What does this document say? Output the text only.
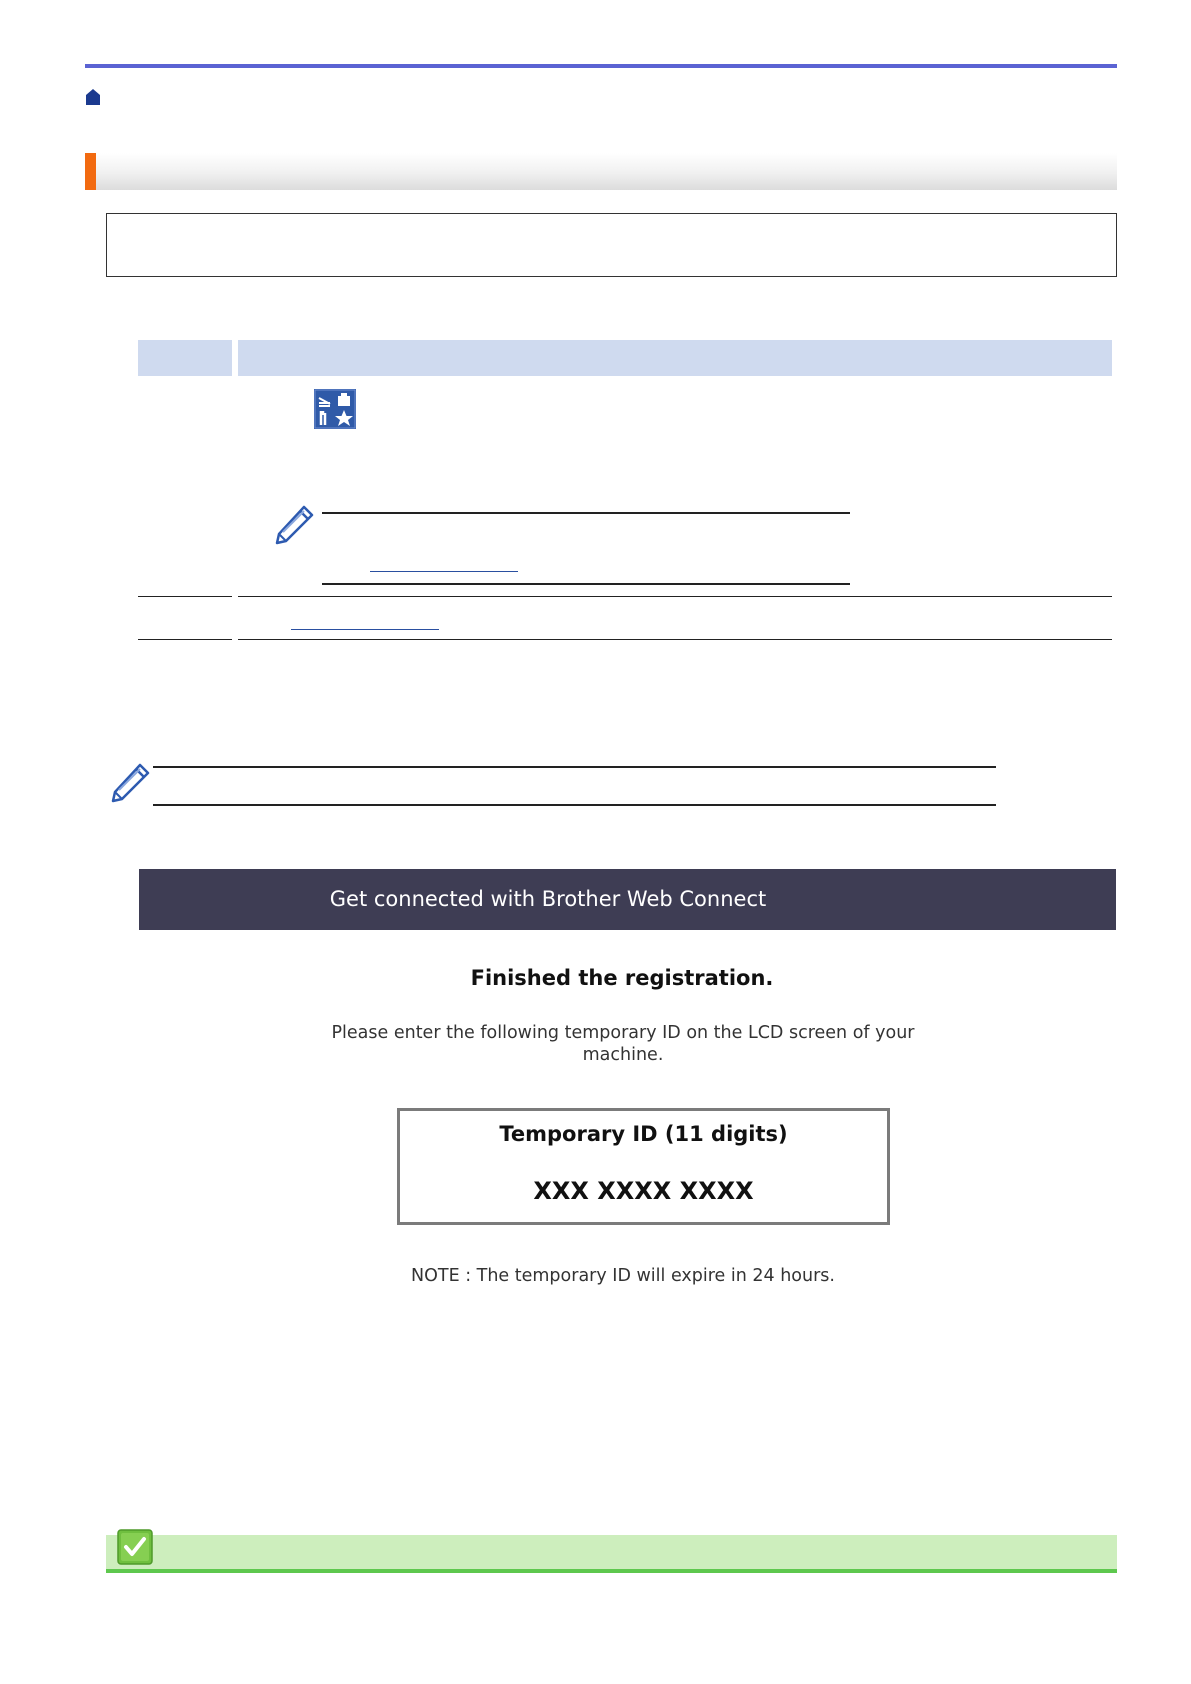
Get connected with Brother Web Connect
Finished the registration.
Please enter the following temporary ID on the LCD screen of your machine.
Temporary ID (11 digits)
XXX XXXX XXXX
NOTE : The temporary ID will expire in 24 hours.
